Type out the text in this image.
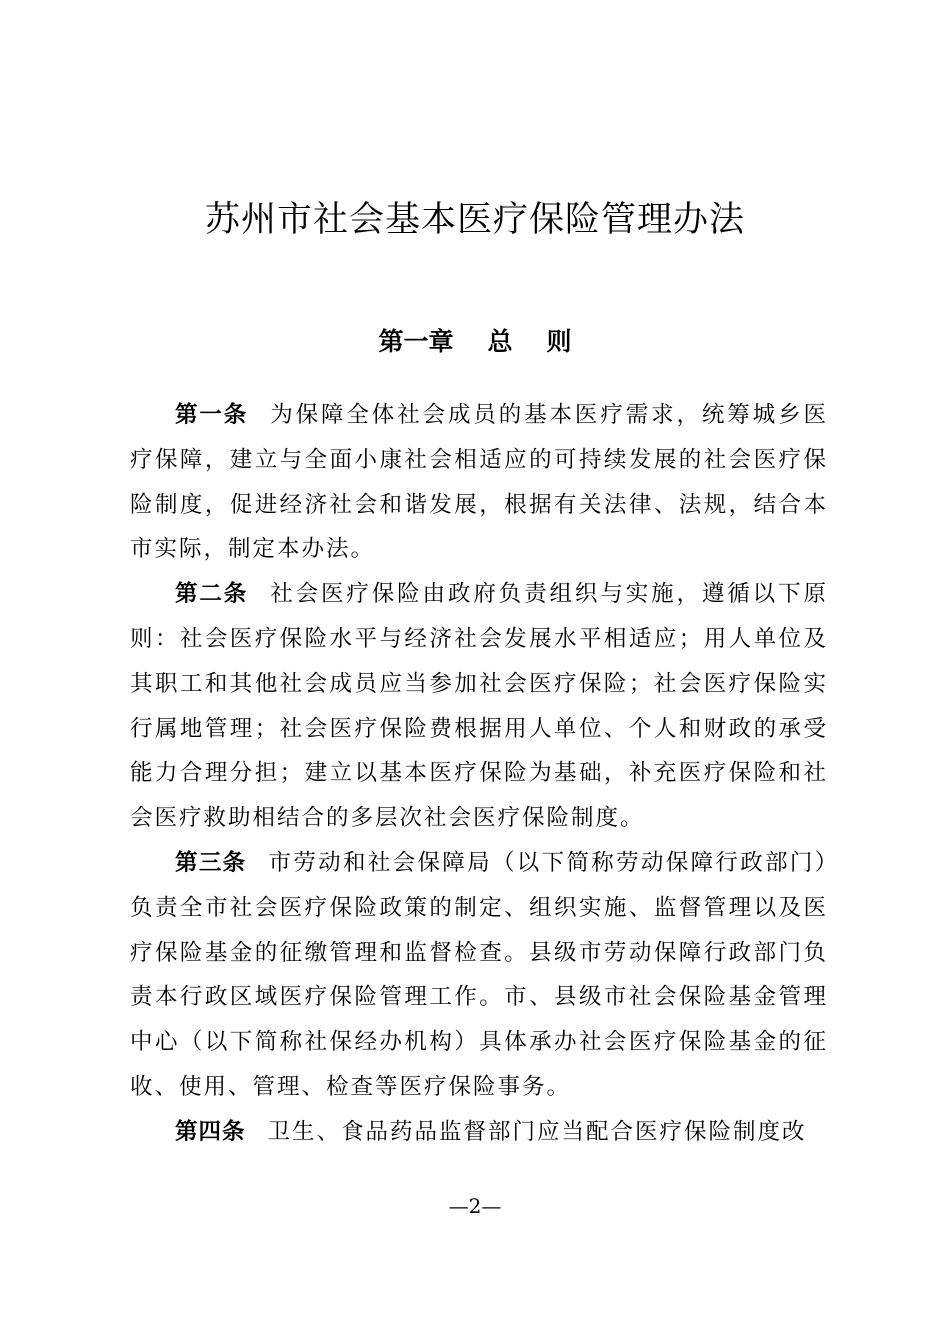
苏州市社会基本医疗保险管理办法
第一章 总 则

第一条 为保障全体社会成员的基本医疗需求，统筹城乡医疗保障，建立与全面小康社会相适应的可持续发展的社会医疗保险制度，促进经济社会和谐发展，根据有关法律、法规，结合本市实际，制定本办法。

第二条 社会医疗保险由政府负责组织与实施，遵循以下原则：社会医疗保险水平与经济社会发展水平相适应；用人单位及其职工和其他社会成员应当参加社会医疗保险；社会医疗保险实行属地管理；社会医疗保险费根据用人单位、个人和财政的承受能力合理分担；建立以基本医疗保险为基础，补充医疗保险和社会医疗救助相结合的多层次社会医疗保险制度。

第三条 市劳动和社会保障局（以下简称劳动保障行政部门）负责全市社会医疗保险政策的制定、组织实施、监督管理以及医疗保险基金的征缴管理和监督检查。县级市劳动保障行政部门负责本行政区域医疗保险管理工作。市、县级市社会保险基金管理中心（以下简称社保经办机构）具体承办社会医疗保险基金的征收、使用、管理、检查等医疗保险事务。

第四条 卫生、食品药品监督部门应当配合医疗保险制度改

—2—
